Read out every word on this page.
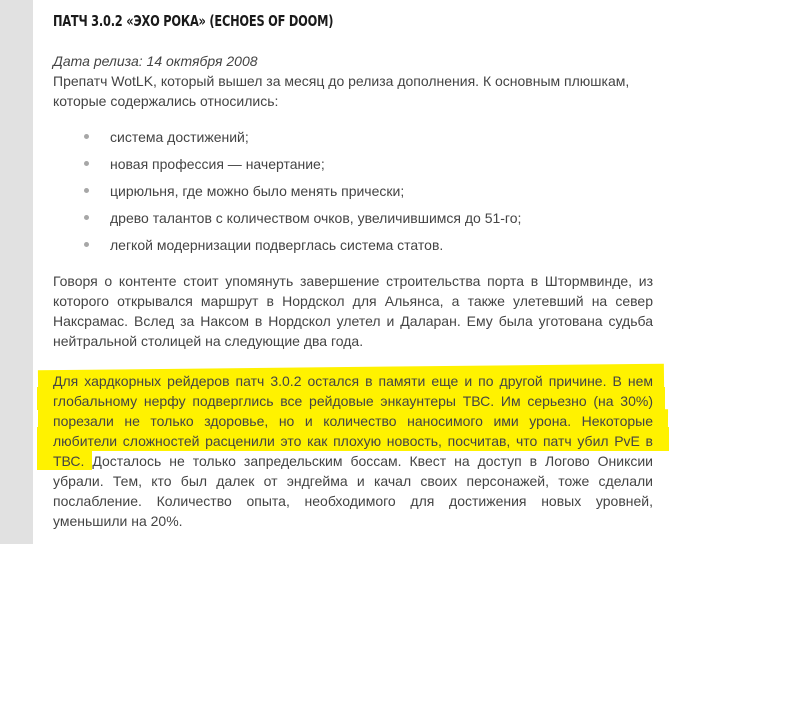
ПАТЧ 3.0.2 «ЭХО РОКА» (ECHOES OF DOOM)
Дата релиза: 14 октября 2008

Препатч WotLK, который вышел за месяц до релиза дополнения. К основным плюшкам, которые содержались относились:

система достижений;
новая профессия — начертание;
цирюльня, где можно было менять прически;
древо талантов с количеством очков, увеличившимся до 51-го;
легкой модернизации подверглась система статов.

Говоря о контенте стоит упомянуть завершение строительства порта в Штормвинде, из которого открывался маршрут в Нордскол для Альянса, а также улетевший на север Наксрамас. Вслед за Наксом в Нордскол улетел и Даларан. Ему была уготована судьба нейтральной столицей на следующие два года.

Для хардкорных рейдеров патч 3.0.2 остался в памяти еще и по другой причине. В нем глобальному нерфу подверглись все рейдовые энкаунтеры ТВС. Им серьезно (на 30%) порезали не только здоровье, но и количество наносимого ими урона. Некоторые любители сложностей расценили это как плохую новость, посчитав, что патч убил PvE в ТВС. Досталось не только запредельским боссам. Квест на доступ в Логово Ониксии убрали. Тем, кто был далек от эндгейма и качал своих персонажей, тоже сделали послабление. Количество опыта, необходимого для достижения новых уровней, уменьшили на 20%.
